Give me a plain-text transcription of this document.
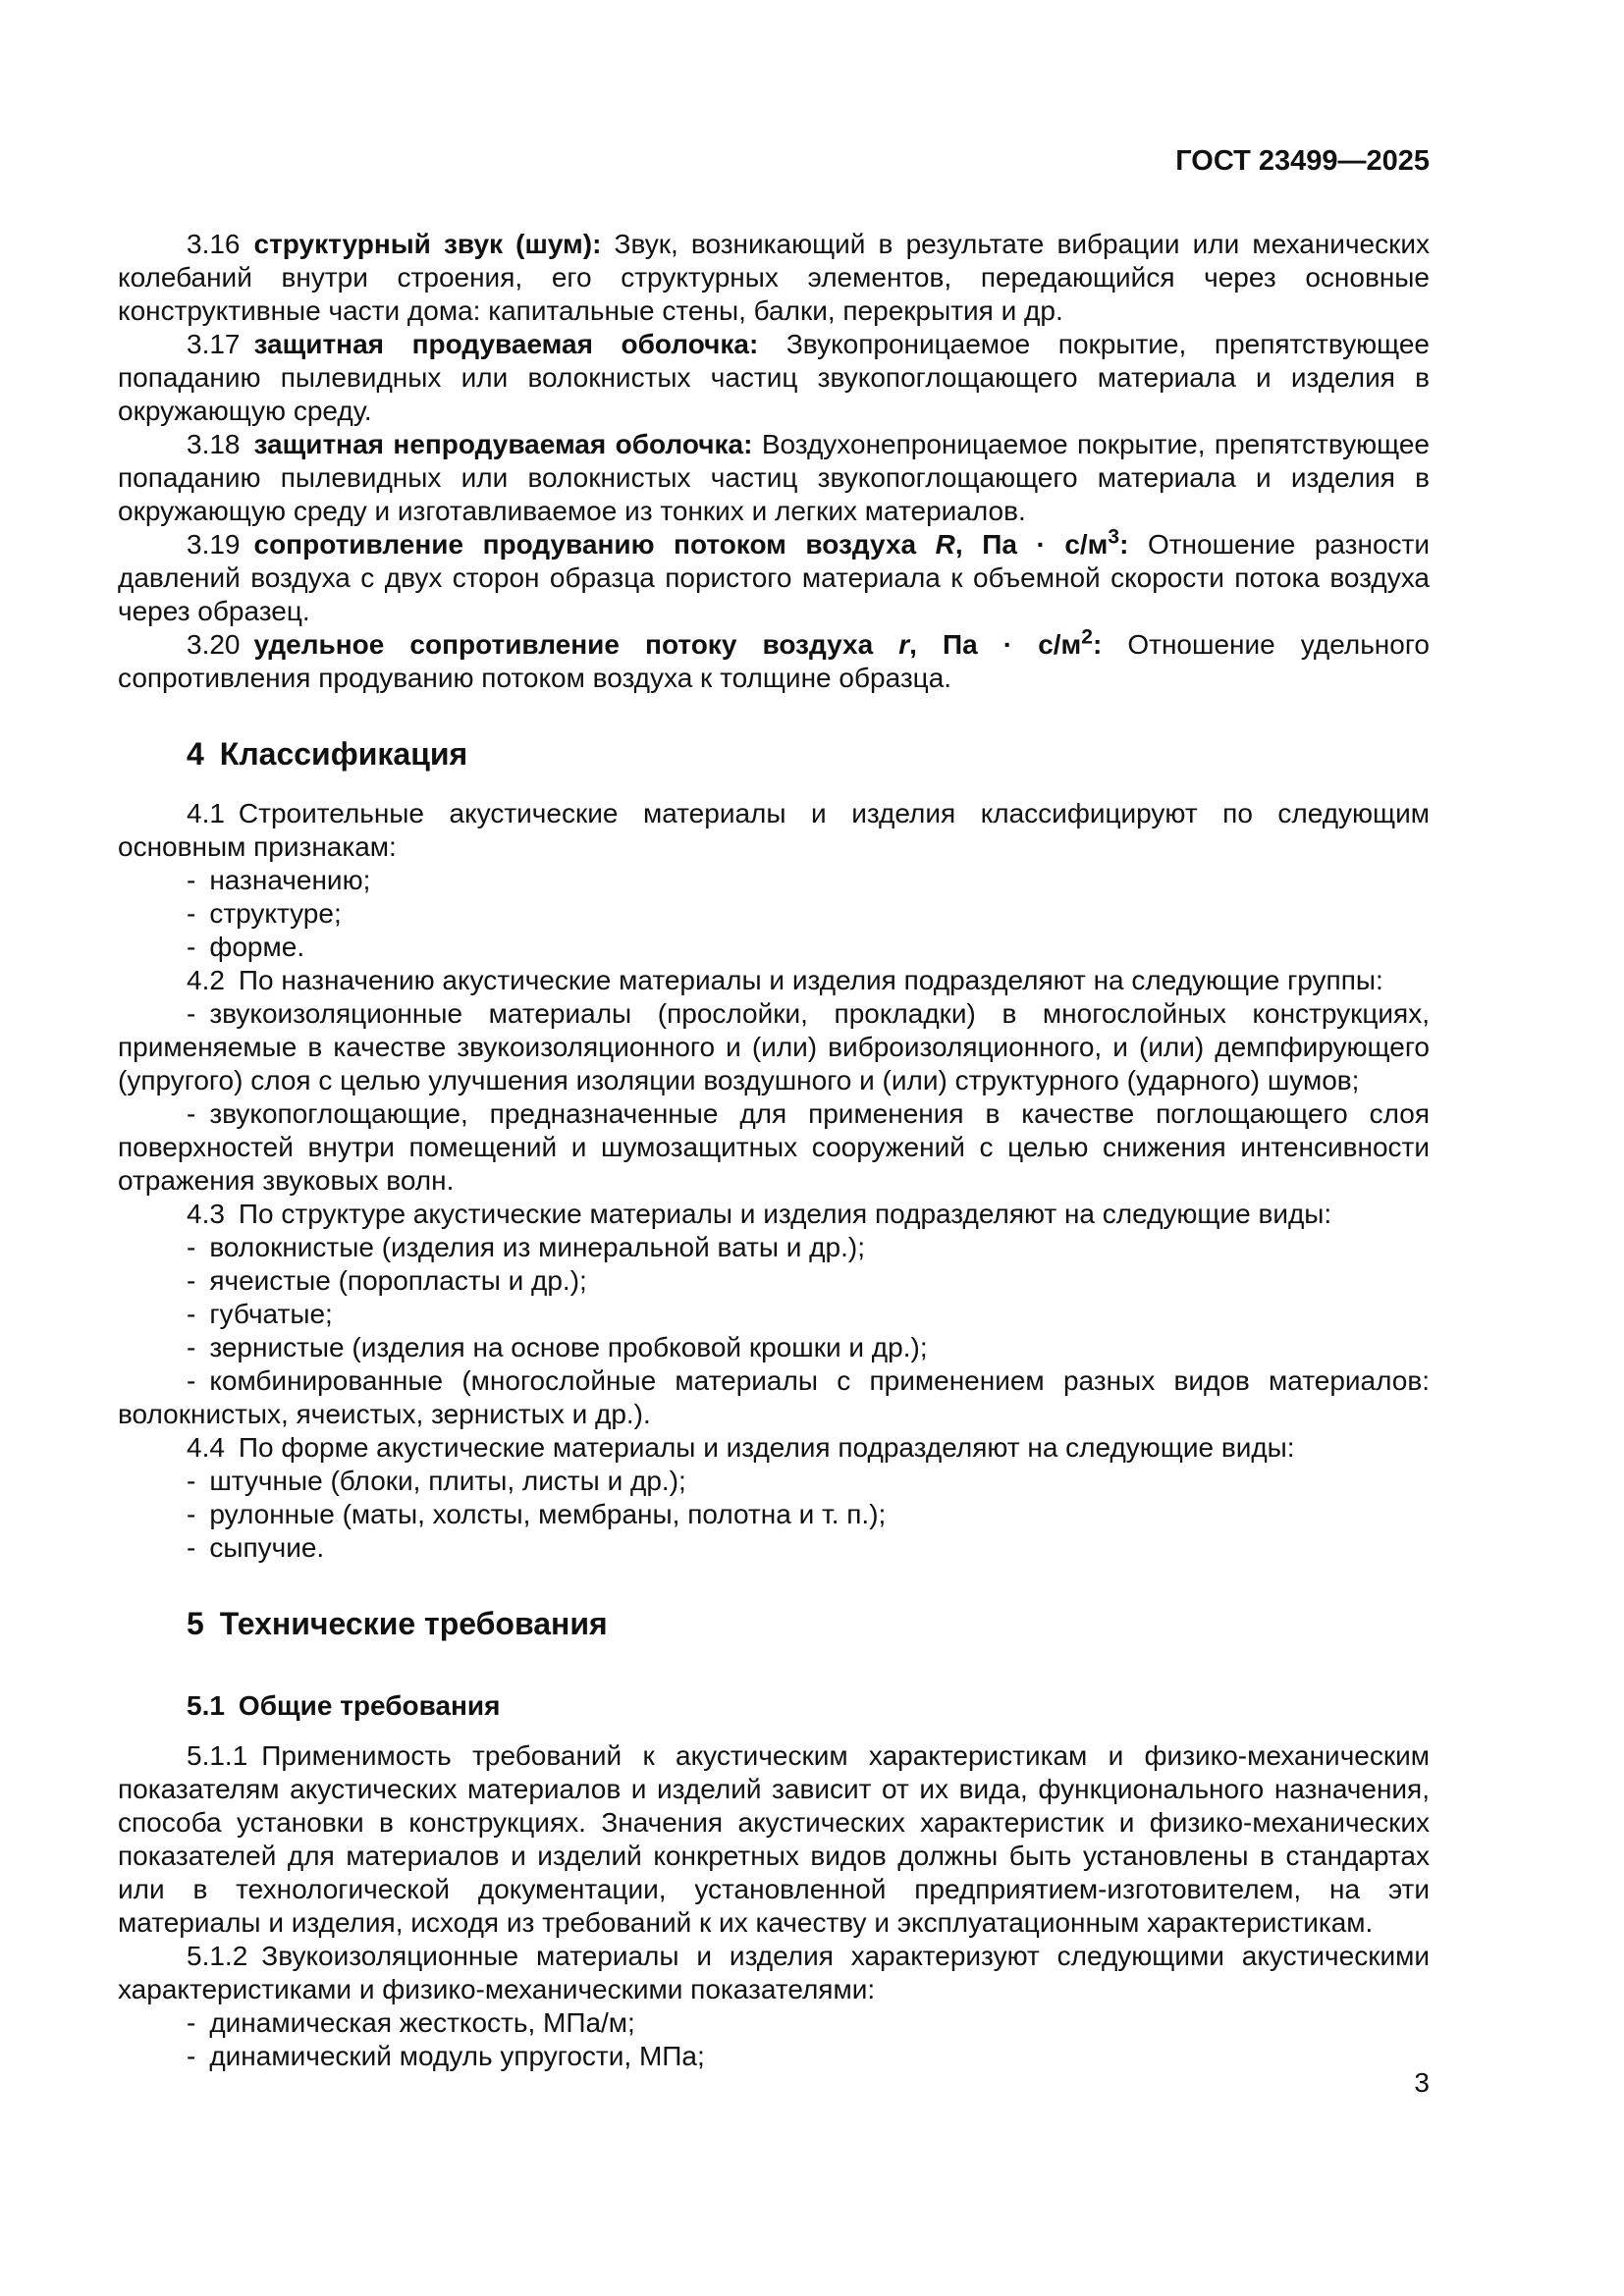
ГОСТ 23499—2025

3.16 структурный звук (шум): Звук, возникающий в результате вибрации или механических колебаний внутри строения, его структурных элементов, передающийся через основные конструктивные части дома: капитальные стены, балки, перекрытия и др.

3.17 защитная продуваемая оболочка: Звукопроницаемое покрытие, препятствующее попаданию пылевидных или волокнистых частиц звукопоглощающего материала и изделия в окружающую среду.

3.18 защитная непродуваемая оболочка: Воздухонепроницаемое покрытие, препятствующее попаданию пылевидных или волокнистых частиц звукопоглощающего материала и изделия в окружающую среду и изготавливаемое из тонких и легких материалов.

3.19 сопротивление продуванию потоком воздуха R, Па · $с/м^3$: Отношение разности давлений воздуха с двух сторон образца пористого материала к объемной скорости потока воздуха через образец.

3.20 удельное сопротивление потоку воздуха r, Па · $с/м^2$: Отношение удельного сопротивления продуванию потоком воздуха к толщине образца.

4 Классификация

4.1 Строительные акустические материалы и изделия классифицируют по следующим основным признакам:

- назначению;

- структуре;

- форме.

4.2 По назначению акустические материалы и изделия подразделяют на следующие группы:

- звукоизоляционные материалы (прослойки, прокладки) в многослойных конструкциях, применяемые в качестве звукоизоляционного и (или) виброизоляционного, и (или) демпфирующего (упругого) слоя с целью улучшения изоляции воздушного и (или) структурного (ударного) шумов;

- звукопоглощающие, предназначенные для применения в качестве поглощающего слоя поверхностей внутри помещений и шумозащитных сооружений с целью снижения интенсивности отражения звуковых волн.

4.3 По структуре акустические материалы и изделия подразделяют на следующие виды:

- волокнистые (изделия из минеральной ваты и др.);

- ячеистые (поропласты и др.);

- губчатые;

- зернистые (изделия на основе пробковой крошки и др.);

- комбинированные (многослойные материалы с применением разных видов материалов: волокнистых, ячеистых, зернистых и др.).

4.4 По форме акустические материалы и изделия подразделяют на следующие виды:

- штучные (блоки, плиты, листы и др.);

- рулонные (маты, холсты, мембраны, полотна и т. п.);

- сыпучие.

5 Технические требования
5.1 Общие требования

5.1.1 Применимость требований к акустическим характеристикам и физико-механическим показателям акустических материалов и изделий зависит от их вида, функционального назначения, способа установки в конструкциях. Значения акустических характеристик и физико-механических показателей для материалов и изделий конкретных видов должны быть установлены в стандартах или в технологической документации, установленной предприятием-изготовителем, на эти материалы и изделия, исходя из требований к их качеству и эксплуатационным характеристикам.

5.1.2 Звукоизоляционные материалы и изделия характеризуют следующими акустическими характеристиками и физико-механическими показателями:

- динамическая жесткость, МПа/м;

- динамический модуль упругости, МПа;

3
